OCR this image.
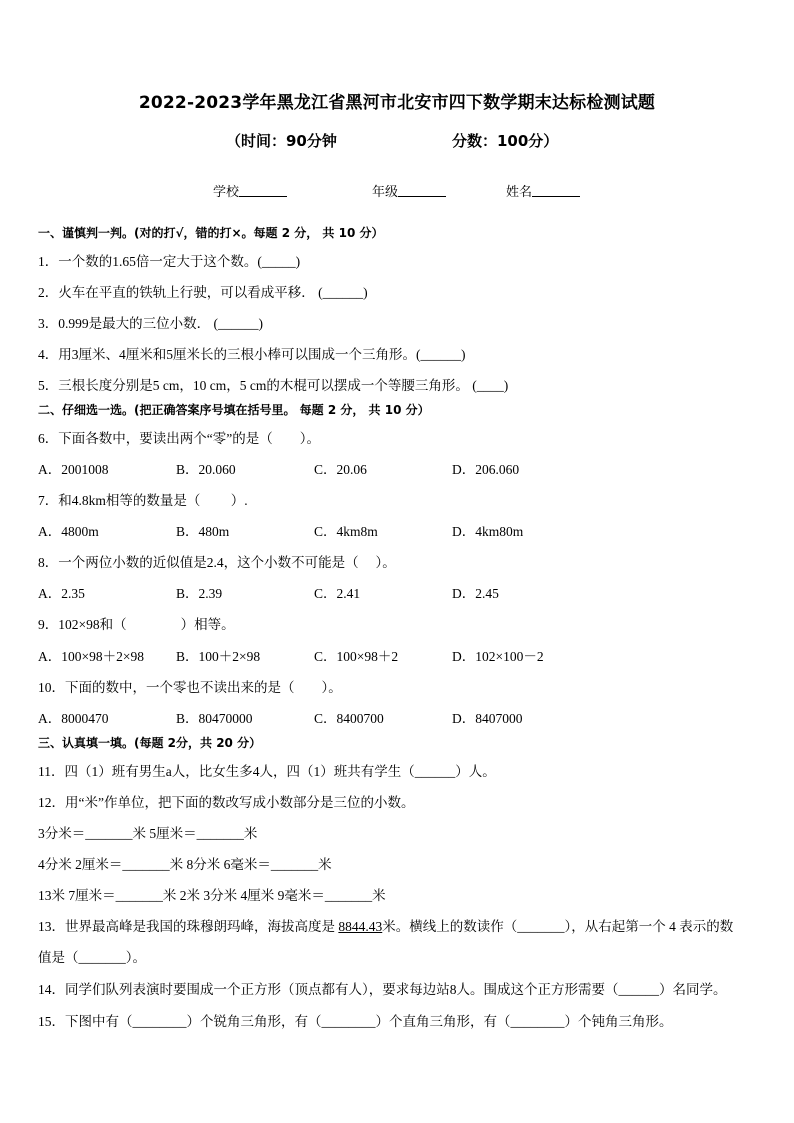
2022-2023学年黑龙江省黑河市北安市四下数学期末达标检测试题
（时间：90分钟	分数：100分）
学校	年级	姓名
一、谨慎判一判。(对的打√，错的打×。每题 2 分， 共 10 分）
1．一个数的1.65倍一定大于这个数。(_____)
2．火车在平直的铁轨上行驶，可以看成平移． (______)
3．0.999是最大的三位小数． (______)
4．用3厘米、4厘米和5厘米长的三根小棒可以围成一个三角形。(______)
5．三根长度分别是5 cm，10 cm，5 cm的木棍可以摆成一个等腰三角形。 (____)
二、仔细选一选。(把正确答案序号填在括号里。 每题 2 分， 共 10 分）
6．下面各数中，要读出两个“零”的是（　　）。
A．2001008	B．20.060	C．20.06	D．206.060
7．和4.8km相等的数量是（　　 ）.
A．4800m	B．480m	C．4km8m	D．4km80m
8．一个两位小数的近似值是2.4，这个小数不可能是（　 ）。
A．2.35	B．2.39	C．2.41	D．2.45
9．102×98和（　　　　）相等。
A．100×98＋2×98 B．100＋2×98	C．100×98＋2	D．102×100－2
10．下面的数中，一个零也不读出来的是（　　）。
A．8000470	B．80470000	C．8400700	D．8407000
三、认真填一填。(每题 2分，共 20 分）
11．四（1）班有男生a人，比女生多4人，四（1）班共有学生（______）人。
12．用“米”作单位，把下面的数改写成小数部分是三位的小数。
3分米＝_______米 5厘米＝_______米
4分米 2厘米＝_______米 8分米 6毫米＝_______米
13米 7厘米＝_______米 2米 3分米 4厘米 9毫米＝_______米
13．世界最高峰是我国的珠穆朗玛峰，海拔高度是 8844.43米。横线上的数读作（_______），从右起第一个 4 表示的数
值是（_______）。
14．同学们队列表演时要围成一个正方形（顶点都有人），要求每边站8人。围成这个正方形需要（______）名同学。
15．下图中有（________）个锐角三角形，有（________）个直角三角形，有（________）个钝角三角形。
